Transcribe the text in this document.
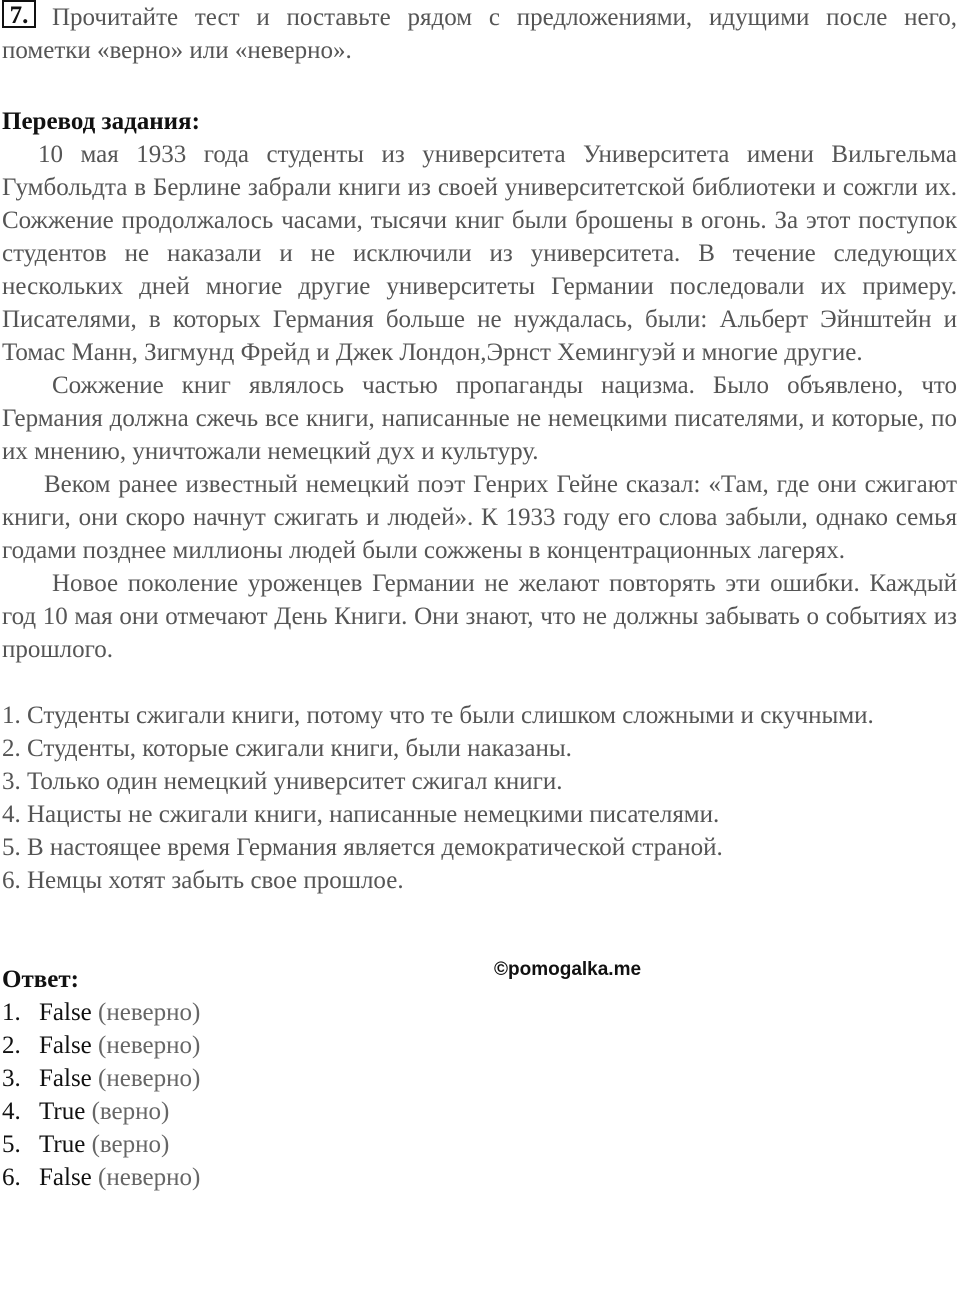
7. Прочитайте тест и поставьте рядом с предложениями, идущими после него, пометки «верно» или «неверно».

Перевод задания:

10 мая 1933 года студенты из университета Университета имени Вильгельма Гумбольдта в Берлине забрали книги из своей университетской библиотеки и сожгли их. Сожжение продолжалось часами, тысячи книг были брошены в огонь. За этот поступок студентов не наказали и не исключили из университета. В течение следующих нескольких дней многие другие университеты Германии последовали их примеру. Писателями, в которых Германия больше не нуждалась, были: Альберт Эйнштейн и Томас Манн, Зигмунд Фрейд и Джек Лондон,Эрнст Хемингуэй и многие другие.

Сожжение книг являлось частью пропаганды нацизма. Было объявлено, что Германия должна сжечь все книги, написанные не немецкими писателями, и которые, по их мнению, уничтожали немецкий дух и культуру.

Веком ранее известный немецкий поэт Генрих Гейне сказал: «Там, где они сжигают книги, они скоро начнут сжигать и людей». К 1933 году его слова забыли, однако семья годами позднее миллионы людей были сожжены в концентрационных лагерях.

Новое поколение уроженцев Германии не желают повторять эти ошибки. Каждый год 10 мая они отмечают День Книги. Они знают, что не должны забывать о событиях из прошлого.

1. Студенты сжигали книги, потому что те были слишком сложными и скучными.

2. Студенты, которые сжигали книги, были наказаны.

3. Только один немецкий университет сжигал книги.

4. Нацисты не сжигали книги, написанные немецкими писателями.

5. В настоящее время Германия является демократической страной.

6. Немцы хотят забыть свое прошлое.

Ответ:

1. False (неверно)

2. False (неверно)

3. False (неверно)

4. True (верно)

5. True (верно)

6. False (неверно)

©pomogalka.me
